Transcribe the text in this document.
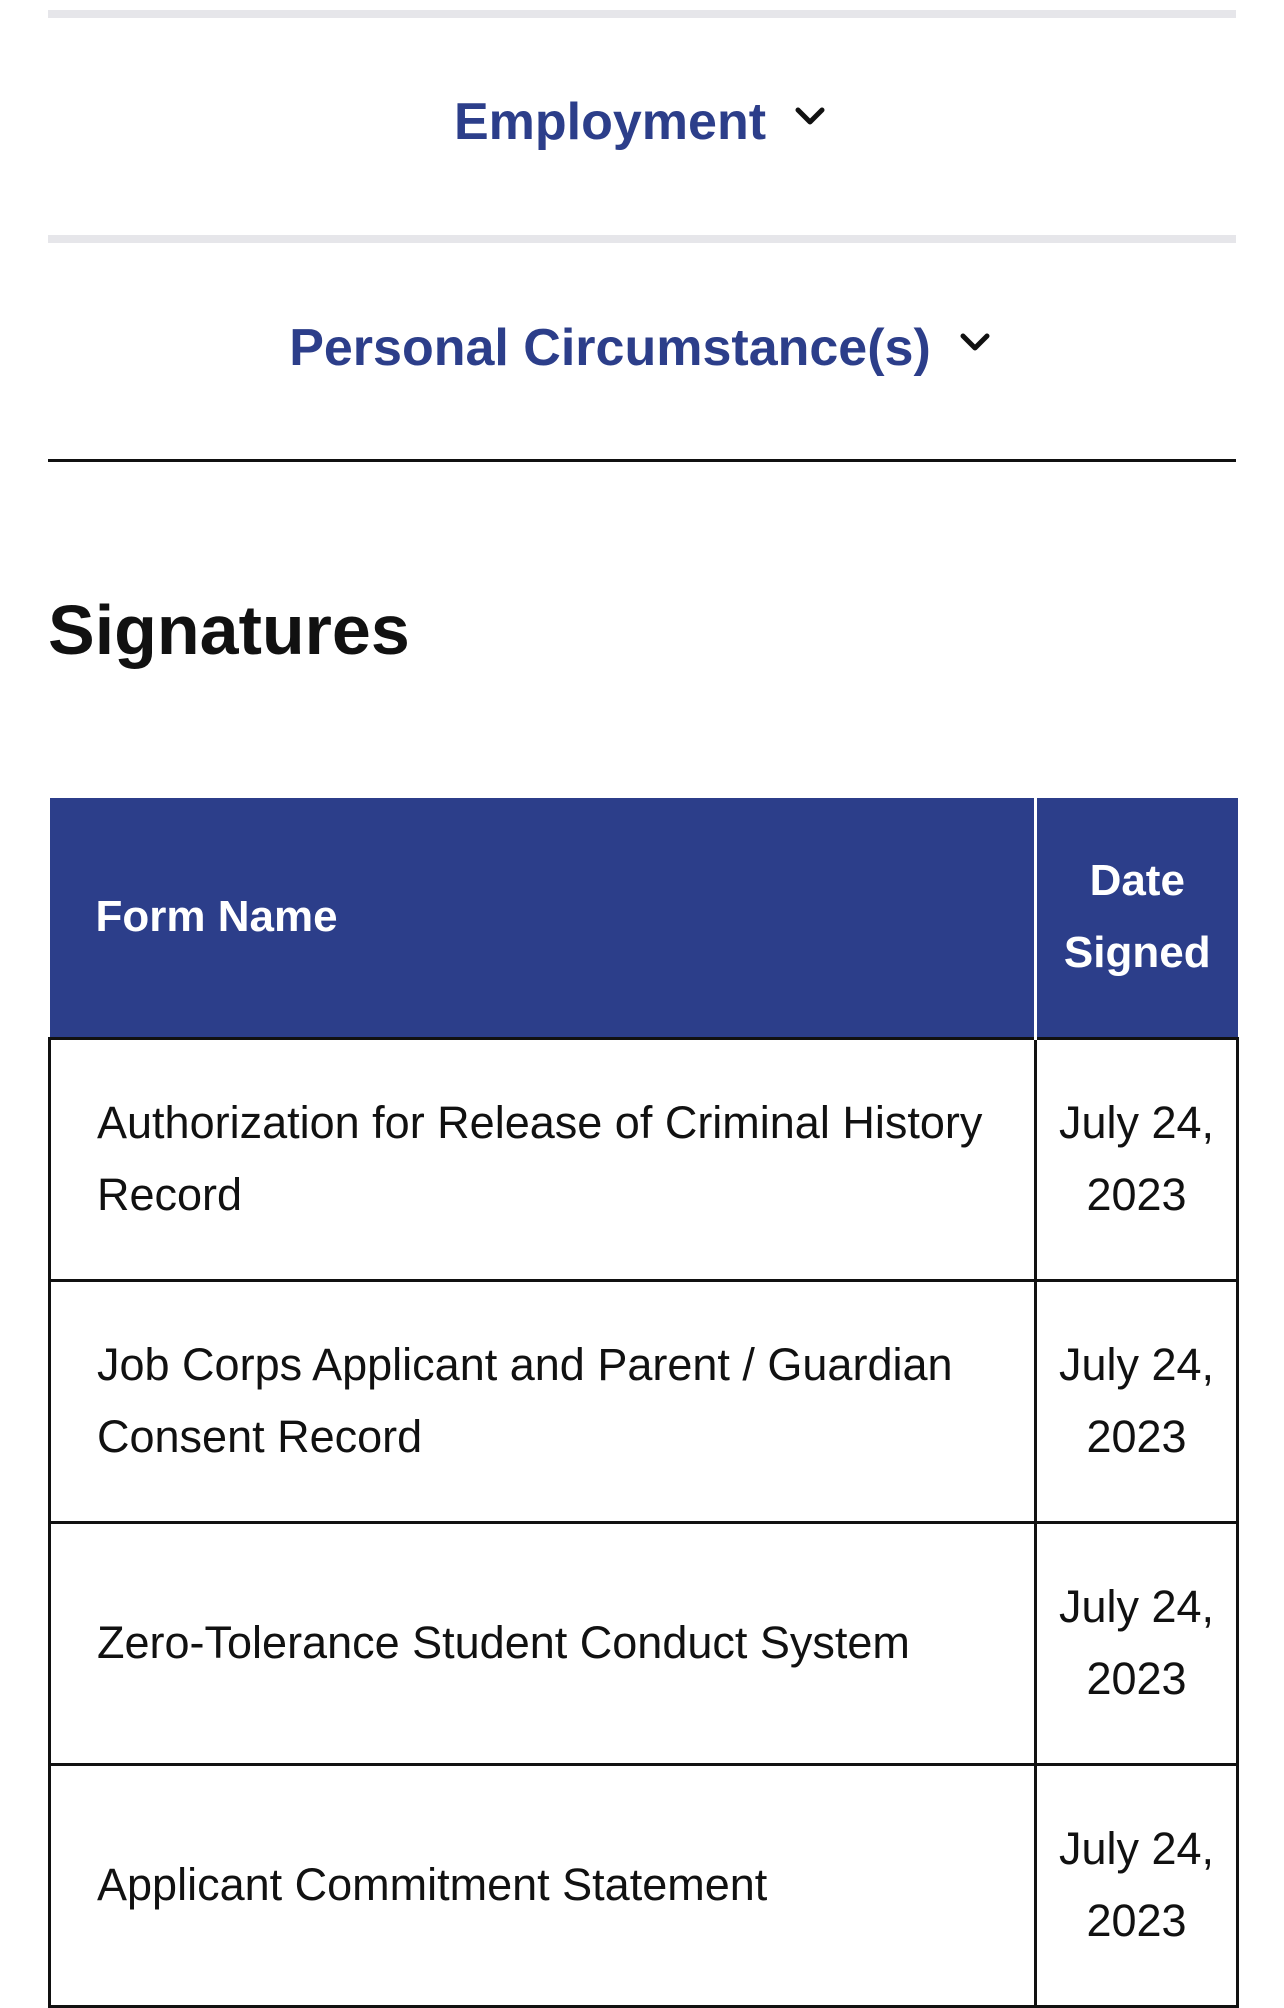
Employment
Personal Circumstance(s)
Signatures
Form Name	Date Signed
Authorization for Release of Criminal History Record	July 24, 2023
Job Corps Applicant and Parent / Guardian Consent Record	July 24, 2023
Zero-Tolerance Student Conduct System	July 24, 2023
Applicant Commitment Statement	July 24, 2023
